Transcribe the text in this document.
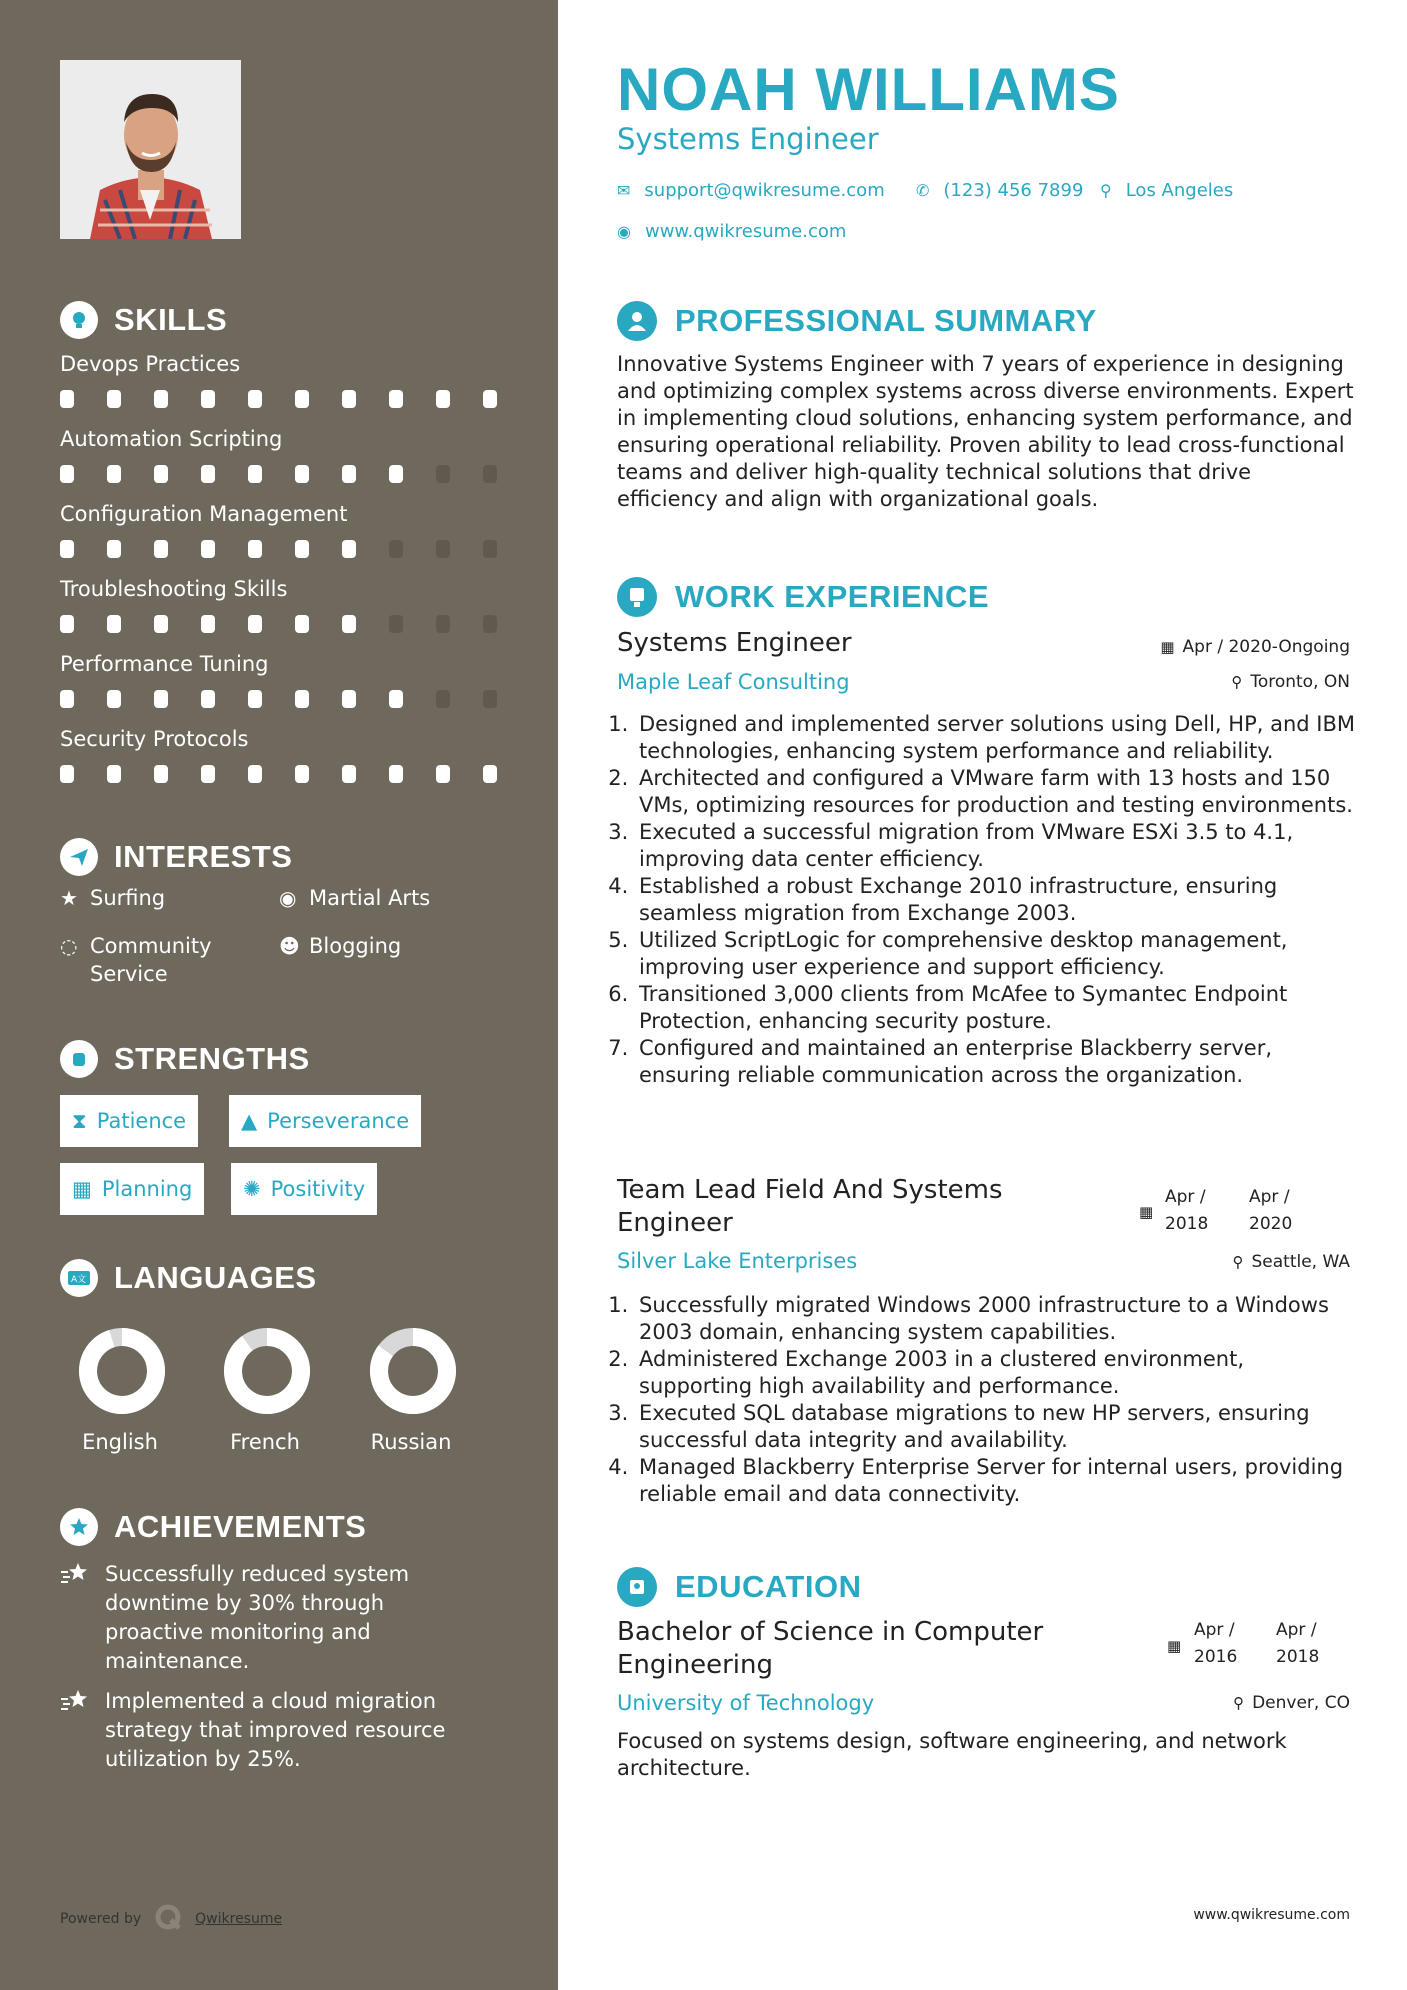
SKILLS
Devops Practices
Automation Scripting
Configuration Management
Troubleshooting Skills
Performance Tuning
Security Protocols
INTERESTS
★ Surfing	◉ Martial Arts
◌ Community Service
☻ Blogging
STRENGTHS
⧗ Patience	▲ Perseverance
▦ Planning ✺ Positivity
A文 LANGUAGES
English	French	Russian
ACHIEVEMENTS
Successfully reduced system downtime by 30% through proactive monitoring and maintenance.
Implemented a cloud migration strategy that improved resource utilization by 25%.
Powered by	Qwikresume
NOAH WILLIAMS
Systems Engineer
✉ support@qwikresume.com ✆ (123) 456 7899 ⚲ Los Angeles
◉ www.qwikresume.com
PROFESSIONAL SUMMARY
Innovative Systems Engineer with 7 years of experience in designing and optimizing complex systems across diverse environments. Expert in implementing cloud solutions, enhancing system performance, and ensuring operational reliability. Proven ability to lead cross-functional teams and deliver high-quality technical solutions that drive efficiency and align with organizational goals.
WORK EXPERIENCE
Systems Engineer
Maple Leaf Consulting
▦ Apr / 2020-Ongoing
⚲ Toronto, ON
1. Designed and implemented server solutions using Dell, HP, and IBM technologies, enhancing system performance and reliability.
2. Architected and configured a VMware farm with 13 hosts and 150 VMs, optimizing resources for production and testing environments.
3. Executed a successful migration from VMware ESXi 3.5 to 4.1, improving data center efficiency.
4. Established a robust Exchange 2010 infrastructure, ensuring seamless migration from Exchange 2003.
5. Utilized ScriptLogic for comprehensive desktop management, improving user experience and support efficiency.
6. Transitioned 3,000 clients from McAfee to Symantec Endpoint Protection, enhancing security posture.
7. Configured and maintained an enterprise Blackberry server, ensuring reliable communication across the organization.
Team Lead Field And Systems Engineer
Silver Lake Enterprises
▦
Apr /
2018
Apr /
2020
⚲ Seattle, WA
1. Successfully migrated Windows 2000 infrastructure to a Windows 2003 domain, enhancing system capabilities.
2. Administered Exchange 2003 in a clustered environment, supporting high availability and performance.
3. Executed SQL database migrations to new HP servers, ensuring successful data integrity and availability.
4. Managed Blackberry Enterprise Server for internal users, providing reliable email and data connectivity.
EDUCATION
Bachelor of Science in Computer Engineering
University of Technology
▦
Apr /
2016
Apr /
2018
⚲ Denver, CO
Focused on systems design, software engineering, and network architecture.
www.qwikresume.com
